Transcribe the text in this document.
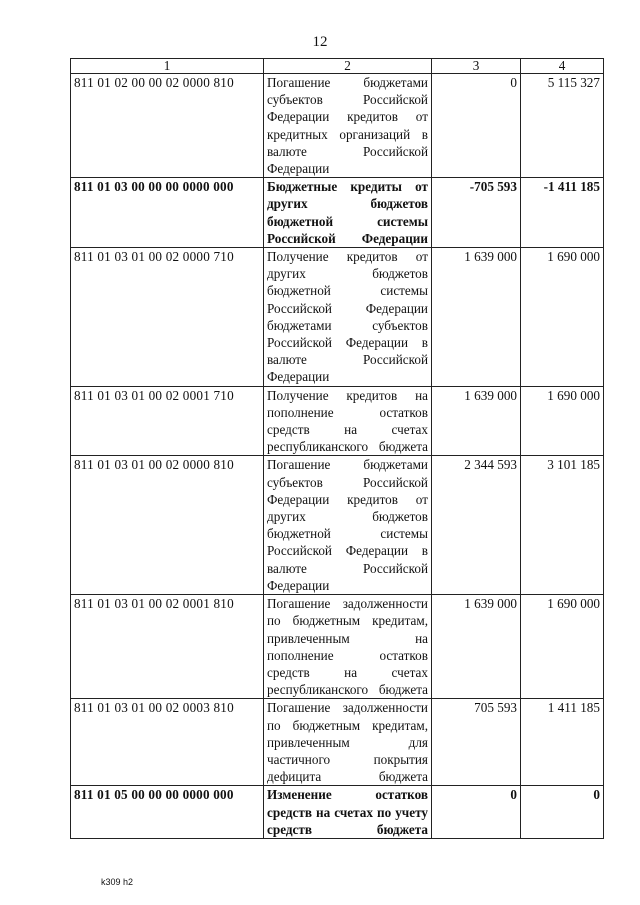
12
1	2	3	4
811 01 02 00 00 02 0000 810	Погашение бюджетами субъектов Российской Федерации кредитов от кредитных организаций в валюте Российской Федерации	0	5 115 327
811 01 03 00 00 00 0000 000	Бюджетные кредиты от других бюджетов бюджетной системы Российской Федерации	-705 593	-1 411 185
811 01 03 01 00 02 0000 710	Получение кредитов от других бюджетов бюджетной системы Российской Федерации бюджетами субъектов Российской Федерации в валюте Российской Федерации	1 639 000	1 690 000
811 01 03 01 00 02 0001 710	Получение кредитов на пополнение остатков средств на счетах республиканского бюджета	1 639 000	1 690 000
811 01 03 01 00 02 0000 810	Погашение бюджетами субъектов Российской Федерации кредитов от других бюджетов бюджетной системы Российской Федерации в валюте Российской Федерации	2 344 593	3 101 185
811 01 03 01 00 02 0001 810	Погашение задолженности по бюджетным кредитам, привлеченным на пополнение остатков средств на счетах республиканского бюджета	1 639 000	1 690 000
811 01 03 01 00 02 0003 810	Погашение задолженности по бюджетным кредитам, привлеченным для частичного покрытия дефицита бюджета	705 593	1 411 185
811 01 05 00 00 00 0000 000	Изменение остатков средств на счетах по учету средств бюджета	0	0
k309 h2
